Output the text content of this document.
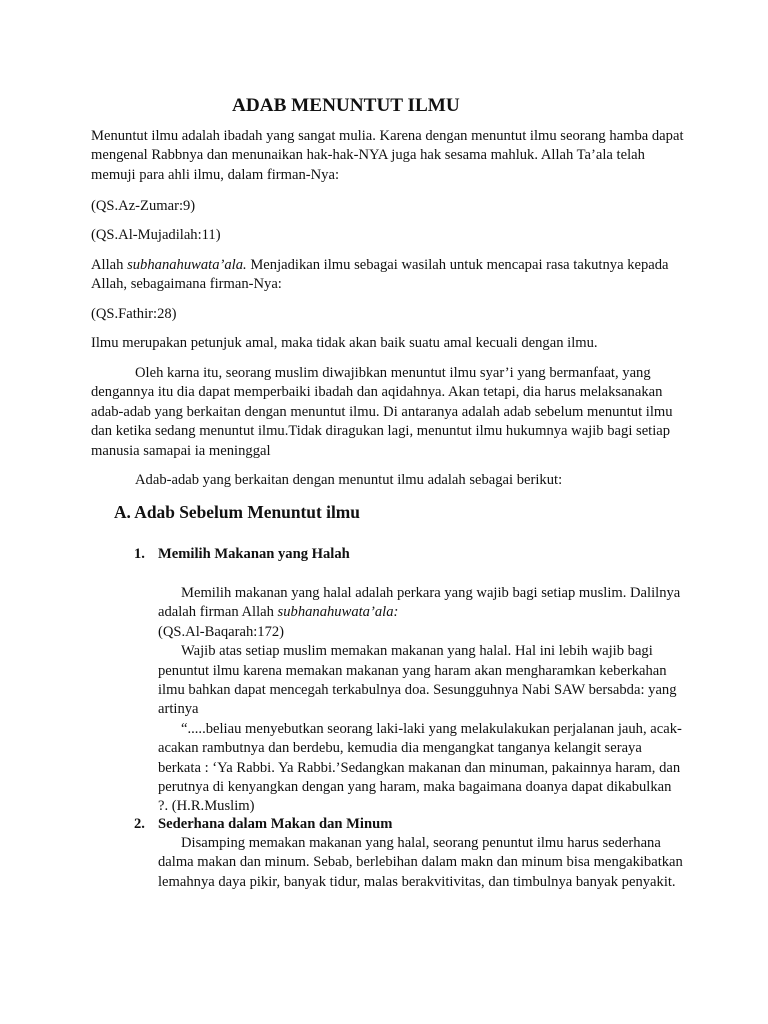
ADAB MENUNTUT ILMU

Menuntut ilmu adalah ibadah yang sangat mulia. Karena dengan menuntut ilmu seorang hamba dapat mengenal Rabbnya dan menunaikan hak-hak-NYA juga hak sesama mahluk. Allah Ta’ala telah memuji para ahli ilmu, dalam firman-Nya:

(QS.Az-Zumar:9)

(QS.Al-Mujadilah:11)

Allah subhanahuwata’ala. Menjadikan ilmu sebagai wasilah untuk mencapai rasa takutnya kepada Allah, sebagaimana firman-Nya:

(QS.Fathir:28)

Ilmu merupakan petunjuk amal, maka tidak akan baik suatu amal kecuali dengan ilmu.

Oleh karna itu, seorang muslim diwajibkan menuntut ilmu syar’i yang bermanfaat, yang dengannya itu dia dapat memperbaiki ibadah dan aqidahnya. Akan tetapi, dia harus melaksanakan adab-adab yang berkaitan dengan menuntut ilmu. Di antaranya adalah adab sebelum menuntut ilmu dan ketika sedang menuntut ilmu.Tidak diragukan lagi, menuntut ilmu hukumnya wajib bagi setiap manusia samapai ia meninggal

Adab-adab yang berkaitan dengan menuntut ilmu adalah sebagai berikut:

A. Adab Sebelum Menuntut ilmu
1. Memilih Makanan yang Halah
Memilih makanan yang halal adalah perkara yang wajib bagi setiap muslim. Dalilnya adalah firman Allah subhanahuwata’ala:
(QS.Al-Baqarah:172)
Wajib atas setiap muslim memakan makanan yang halal. Hal ini lebih wajib bagi penuntut ilmu karena memakan makanan yang haram akan mengharamkan keberkahan ilmu bahkan dapat mencegah terkabulnya doa. Sesungguhnya Nabi SAW bersabda: yang artinya
“.....beliau menyebutkan seorang laki-laki yang melakulakukan perjalanan jauh, acak-acakan rambutnya dan berdebu, kemudia dia mengangkat tanganya kelangit seraya berkata : ‘Ya Rabbi. Ya Rabbi.’Sedangkan makanan dan minuman, pakainnya haram, dan perutnya di kenyangkan dengan yang haram, maka bagaimana doanya dapat dikabulkan ?. (H.R.Muslim)
2. Sederhana dalam Makan dan Minum
Disamping memakan makanan yang halal, seorang penuntut ilmu harus sederhana dalma makan dan minum. Sebab, berlebihan dalam makn dan minum bisa mengakibatkan lemahnya daya pikir, banyak tidur, malas berakvitivitas, dan timbulnya banyak penyakit.
